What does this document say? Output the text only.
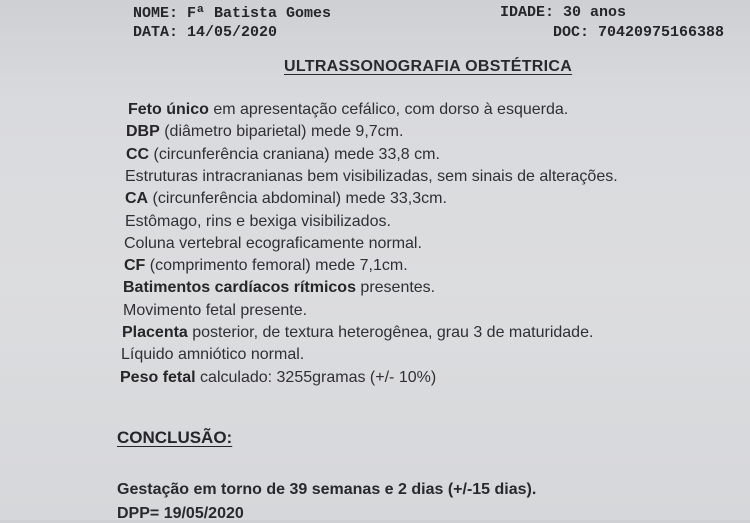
NOME: Fª Batista Gomes	IDADE: 30 anos
DATA: 14/05/2020	DOC: 70420975166388
ULTRASSONOGRAFIA OBSTÉTRICA
Feto único em apresentação cefálico, com dorso à esquerda.
DBP (diâmetro biparietal) mede 9,7cm.
CC (circunferência craniana) mede 33,8 cm.
Estruturas intracranianas bem visibilizadas, sem sinais de alterações.
CA (circunferência abdominal) mede 33,3cm.
Estômago, rins e bexiga visibilizados.
Coluna vertebral ecograficamente normal.
CF (comprimento femoral) mede 7,1cm.
Batimentos cardíacos rítmicos presentes.
Movimento fetal presente.
Placenta posterior, de textura heterogênea, grau 3 de maturidade.
Líquido amniótico normal.
Peso fetal calculado: 3255gramas (+/- 10%)
CONCLUSÃO:
Gestação em torno de 39 semanas e 2 dias (+/-15 dias).
DPP= 19/05/2020
